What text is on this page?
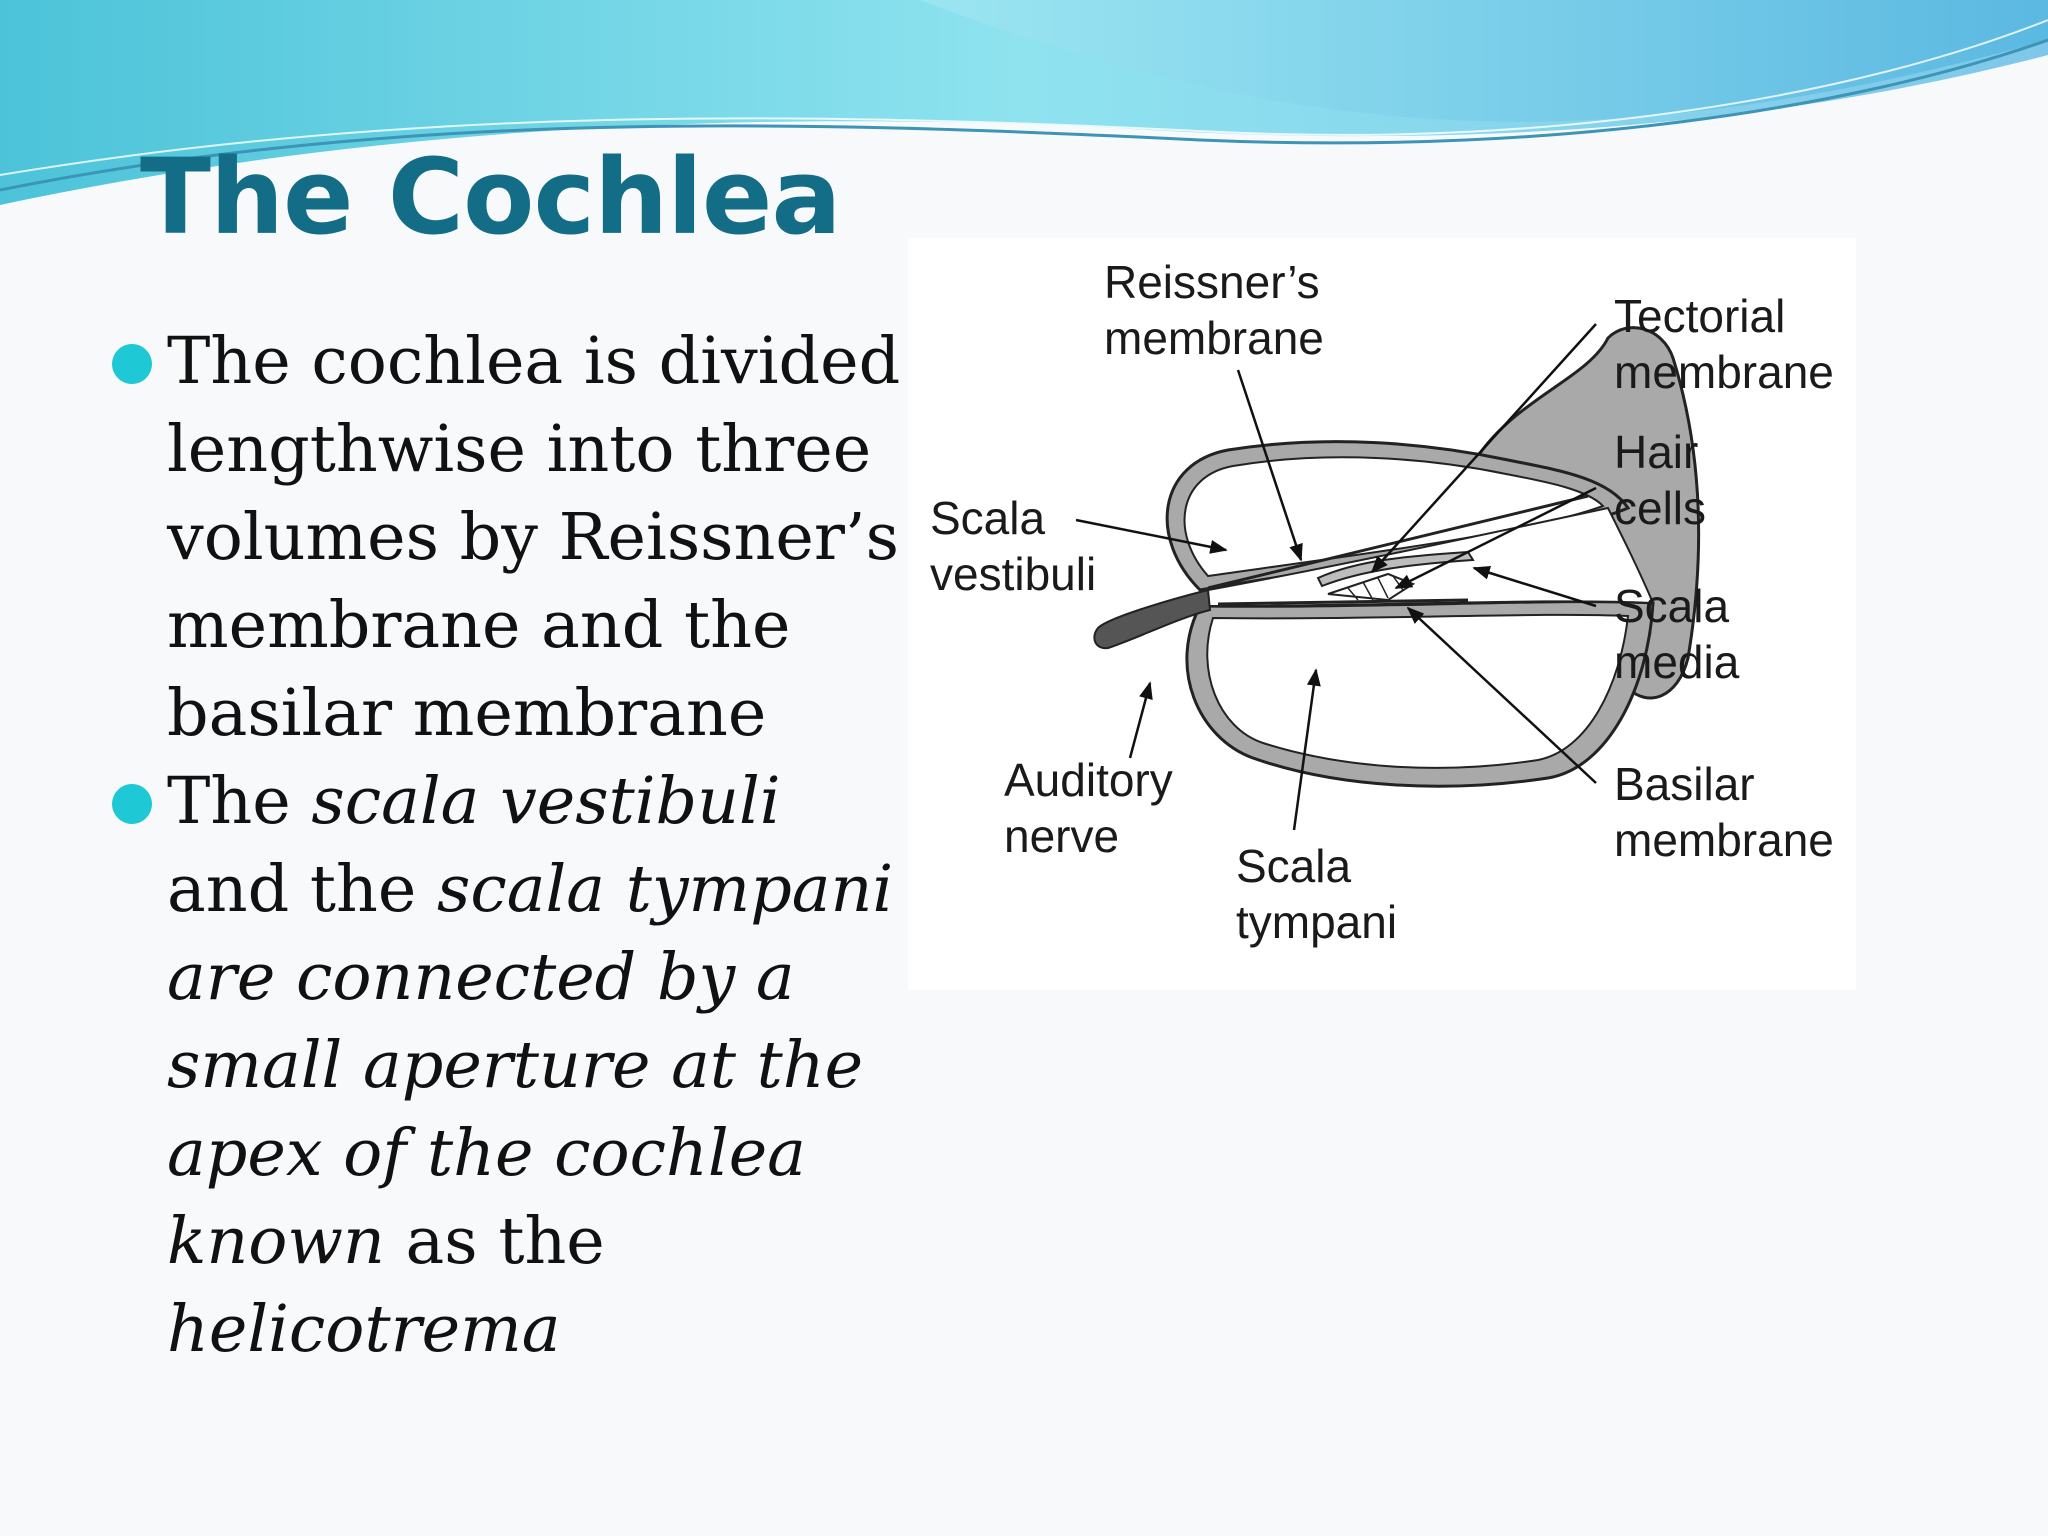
The Cochlea
The cochlea is divided lengthwise into three volumes by Reissner’s membrane and the basilar membrane
The scala vestibuli and the scala tympani are connected by a small aperture at the apex of the cochlea known as the helicotrema
Reissner’s
membrane	Tectorial
membrane
Hair
cells
Scala
vestibuli
Scala
media
Auditory
nerve
Basilar
membrane
Scala
tympani
